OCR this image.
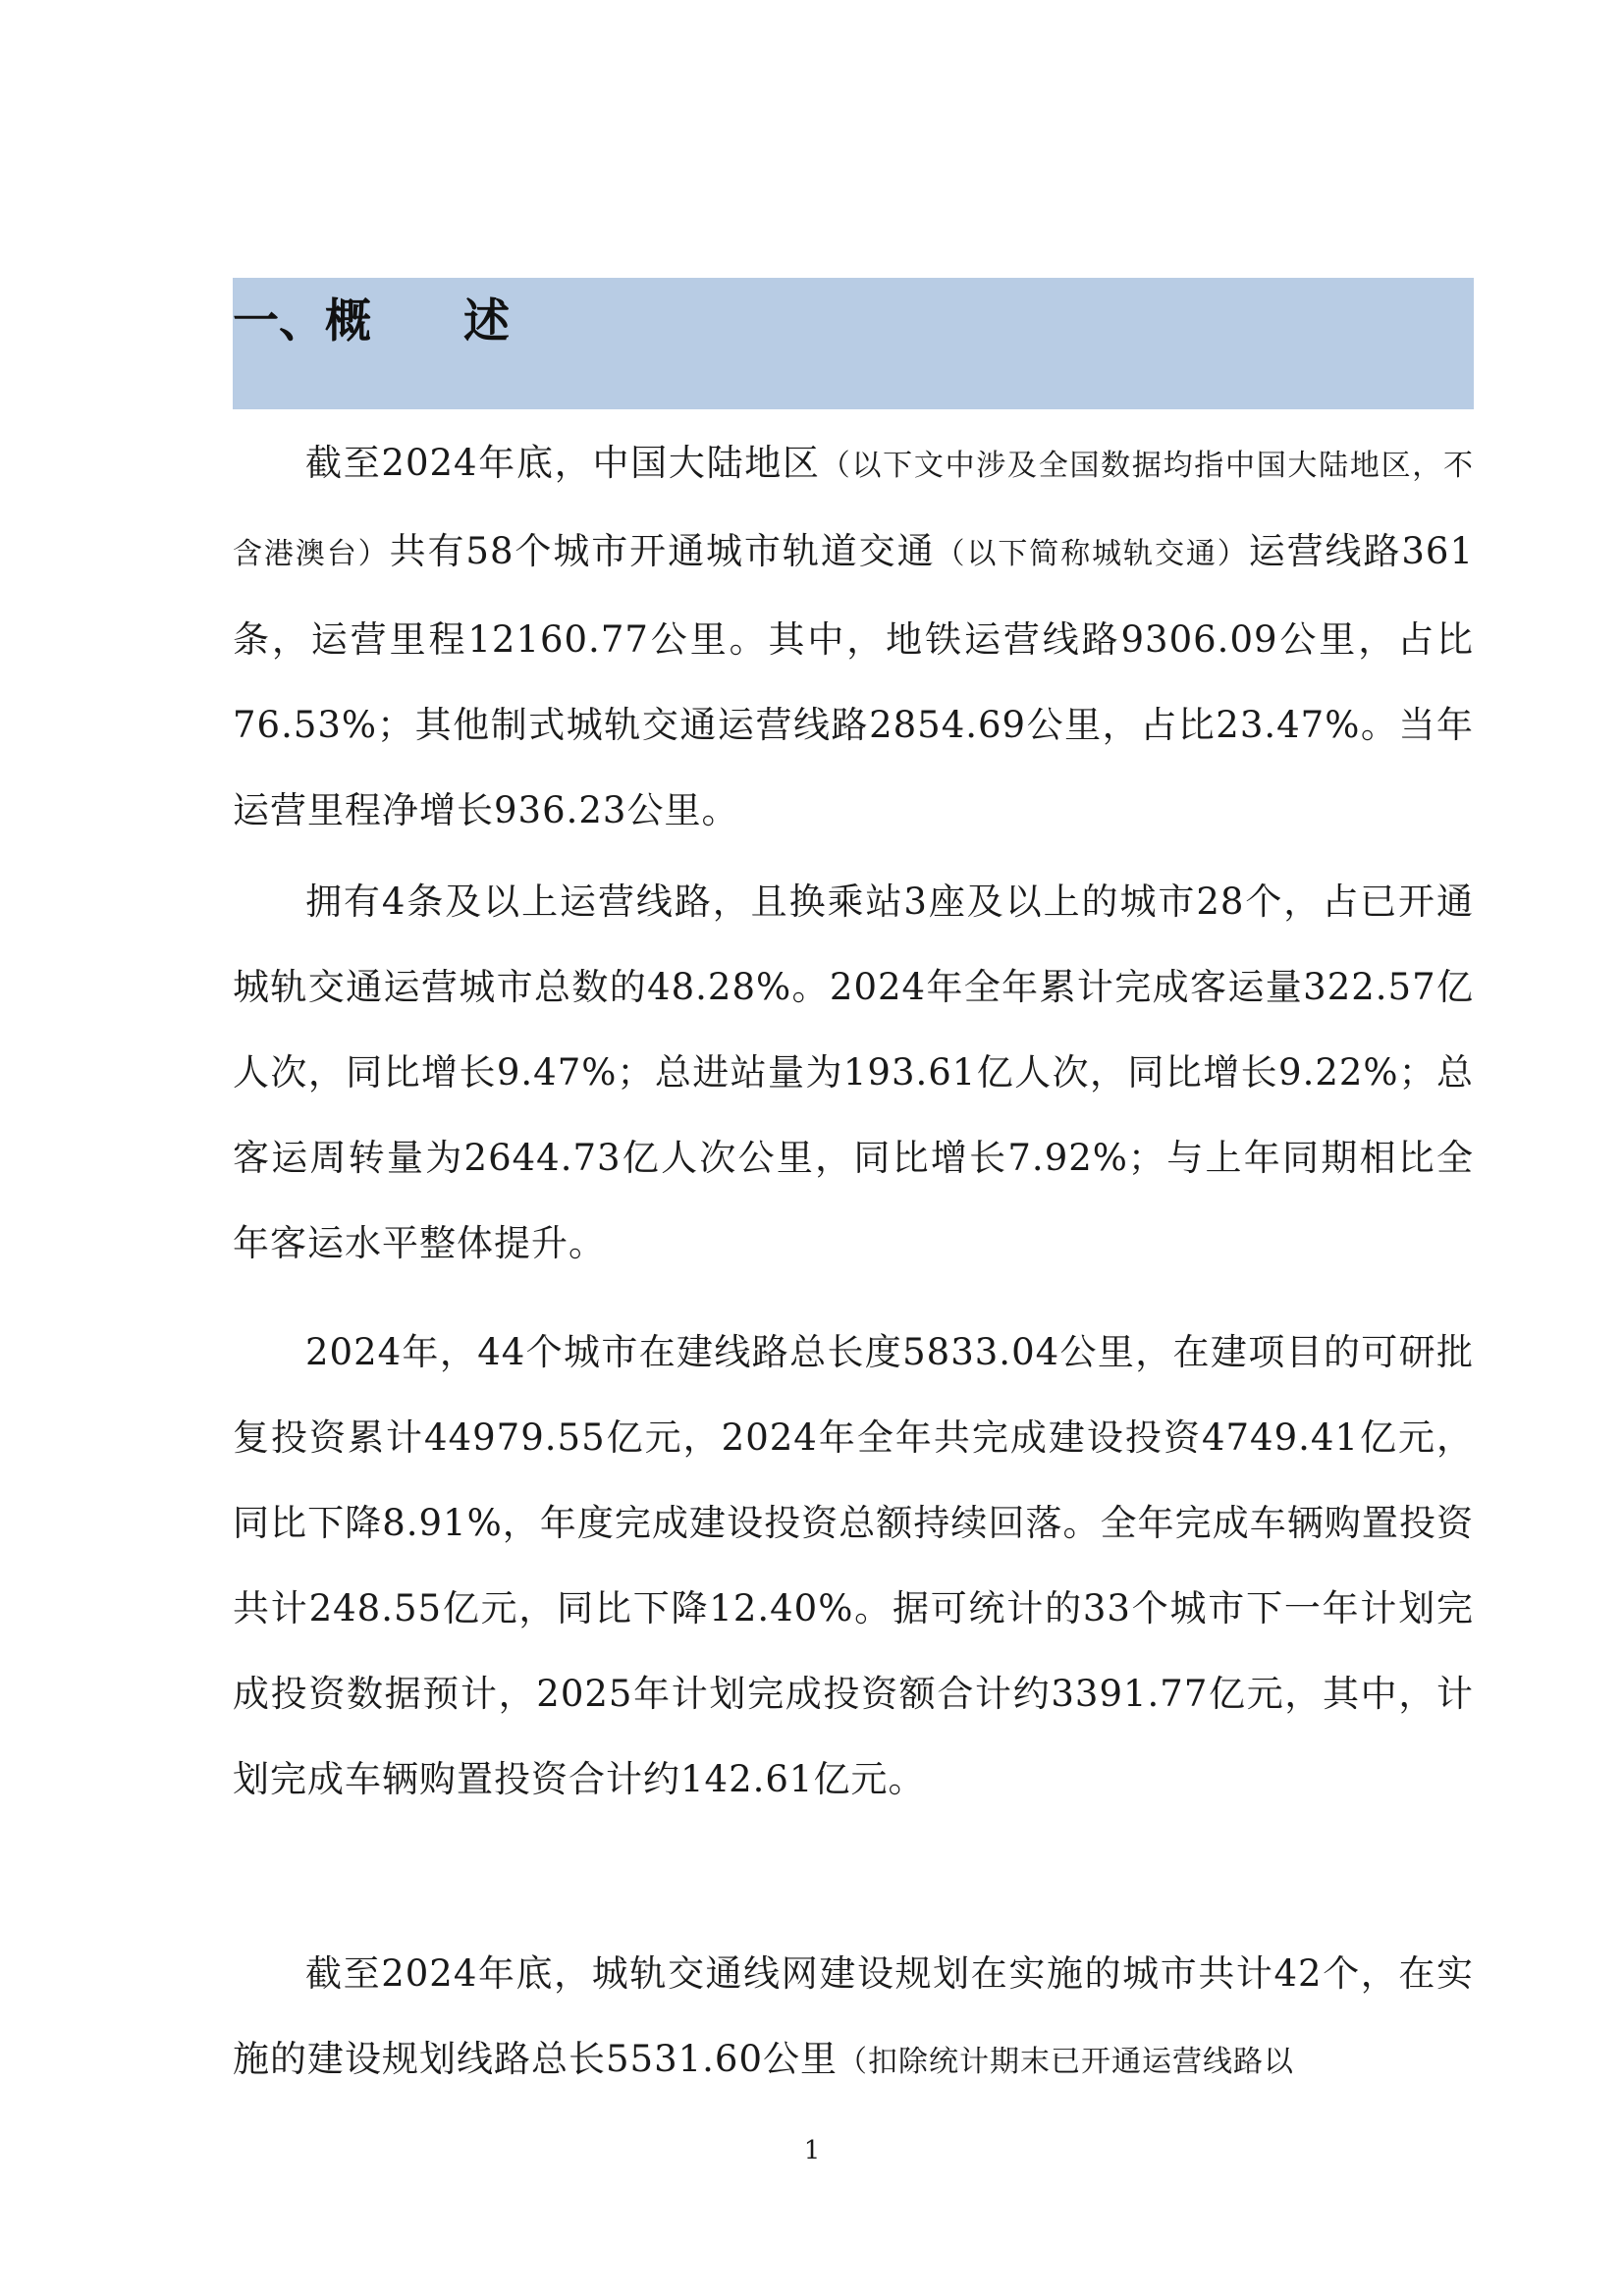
一、概　　述

截至2024年底，中国大陆地区（以下文中涉及全国数据均指中国大陆地区，不含港澳台）共有58个城市开通城市轨道交通（以下简称城轨交通）运营线路361条，运营里程12160.77公里。其中，地铁运营线路9306.09公里，占比76.53%；其他制式城轨交通运营线路2854.69公里，占比23.47%。当年运营里程净增长936.23公里。

拥有4条及以上运营线路，且换乘站3座及以上的城市28个，占已开通城轨交通运营城市总数的48.28%。2024年全年累计完成客运量322.57亿人次，同比增长9.47%；总进站量为193.61亿人次，同比增长9.22%；总客运周转量为2644.73亿人次公里，同比增长7.92%；与上年同期相比全年客运水平整体提升。

2024年，44个城市在建线路总长度5833.04公里，在建项目的可研批复投资累计44979.55亿元，2024年全年共完成建设投资4749.41亿元，同比下降8.91%，年度完成建设投资总额持续回落。全年完成车辆购置投资共计248.55亿元，同比下降12.40%。据可统计的33个城市下一年计划完成投资数据预计，2025年计划完成投资额合计约3391.77亿元，其中，计划完成车辆购置投资合计约142.61亿元。

截至2024年底，城轨交通线网建设规划在实施的城市共计42个，在实施的建设规划线路总长5531.60公里（扣除统计期末已开通运营线路以

1
